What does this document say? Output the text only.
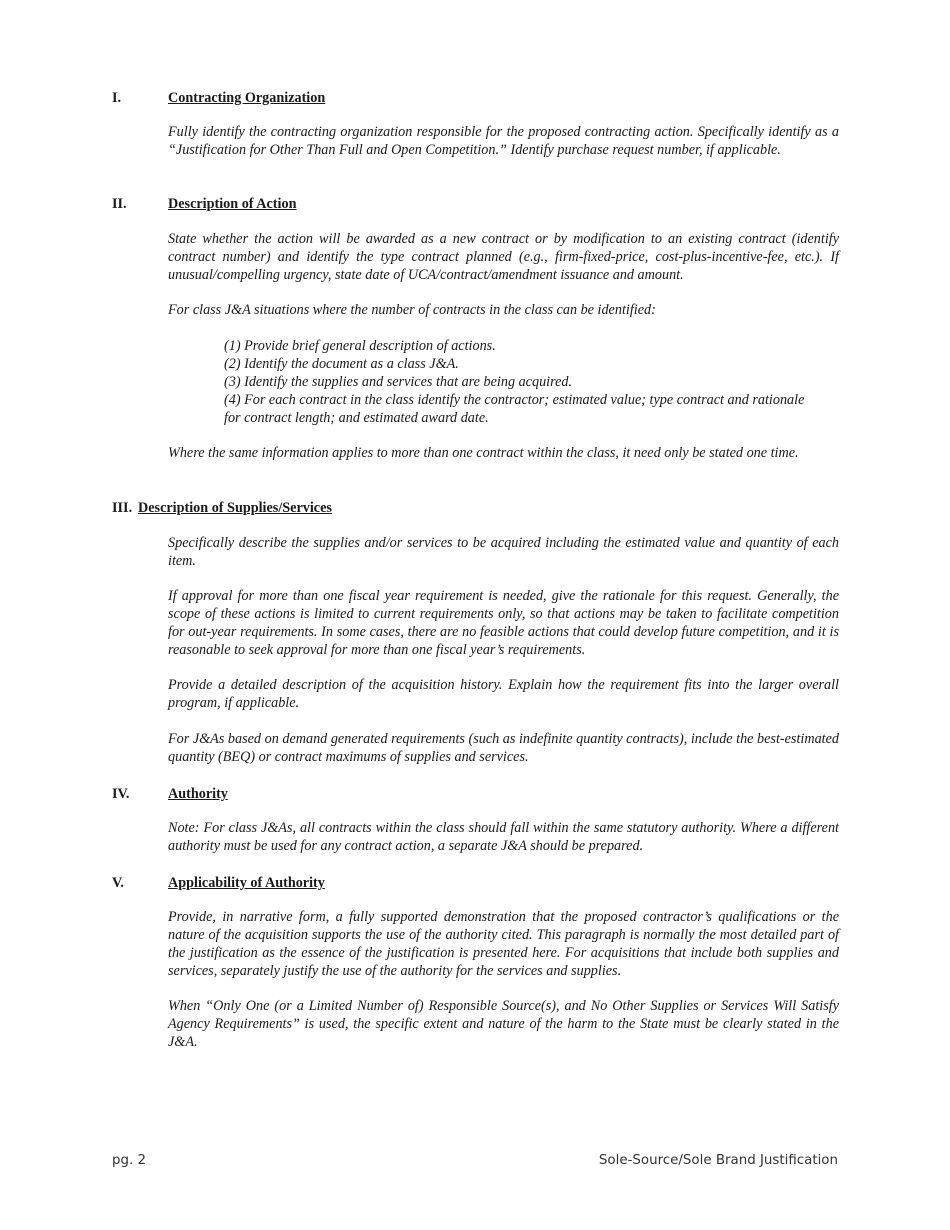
I.	Contracting Organization
Fully identify the contracting organization responsible for the proposed contracting action. Specifically identify as a “Justification for Other Than Full and Open Competition.” Identify purchase request number, if applicable.
II.	Description of Action
State whether the action will be awarded as a new contract or by modification to an existing contract (identify contract number) and identify the type contract planned (e.g., firm-fixed-price, cost-plus-incentive-fee, etc.). If unusual/compelling urgency, state date of UCA/contract/amendment issuance and amount.
For class J&A situations where the number of contracts in the class can be identified:
(1) Provide brief general description of actions.
(2) Identify the document as a class J&A.
(3) Identify the supplies and services that are being acquired.
(4) For each contract in the class identify the contractor; estimated value; type contract and rationale for contract length; and estimated award date.
Where the same information applies to more than one contract within the class, it need only be stated one time.
III. Description of Supplies/Services
Specifically describe the supplies and/or services to be acquired including the estimated value and quantity of each item.
If approval for more than one fiscal year requirement is needed, give the rationale for this request. Generally, the scope of these actions is limited to current requirements only, so that actions may be taken to facilitate competition for out-year requirements. In some cases, there are no feasible actions that could develop future competition, and it is reasonable to seek approval for more than one fiscal year’s requirements.
Provide a detailed description of the acquisition history. Explain how the requirement fits into the larger overall program, if applicable.
For J&As based on demand generated requirements (such as indefinite quantity contracts), include the best-estimated quantity (BEQ) or contract maximums of supplies and services.
IV.	Authority
Note: For class J&As, all contracts within the class should fall within the same statutory authority. Where a different authority must be used for any contract action, a separate J&A should be prepared.
V.	Applicability of Authority
Provide, in narrative form, a fully supported demonstration that the proposed contractor’s qualifications or the nature of the acquisition supports the use of the authority cited. This paragraph is normally the most detailed part of the justification as the essence of the justification is presented here. For acquisitions that include both supplies and services, separately justify the use of the authority for the services and supplies.
When “Only One (or a Limited Number of) Responsible Source(s), and No Other Supplies or Services Will Satisfy Agency Requirements” is used, the specific extent and nature of the harm to the State must be clearly stated in the J&A.
pg. 2	Sole-Source/Sole Brand Justification
